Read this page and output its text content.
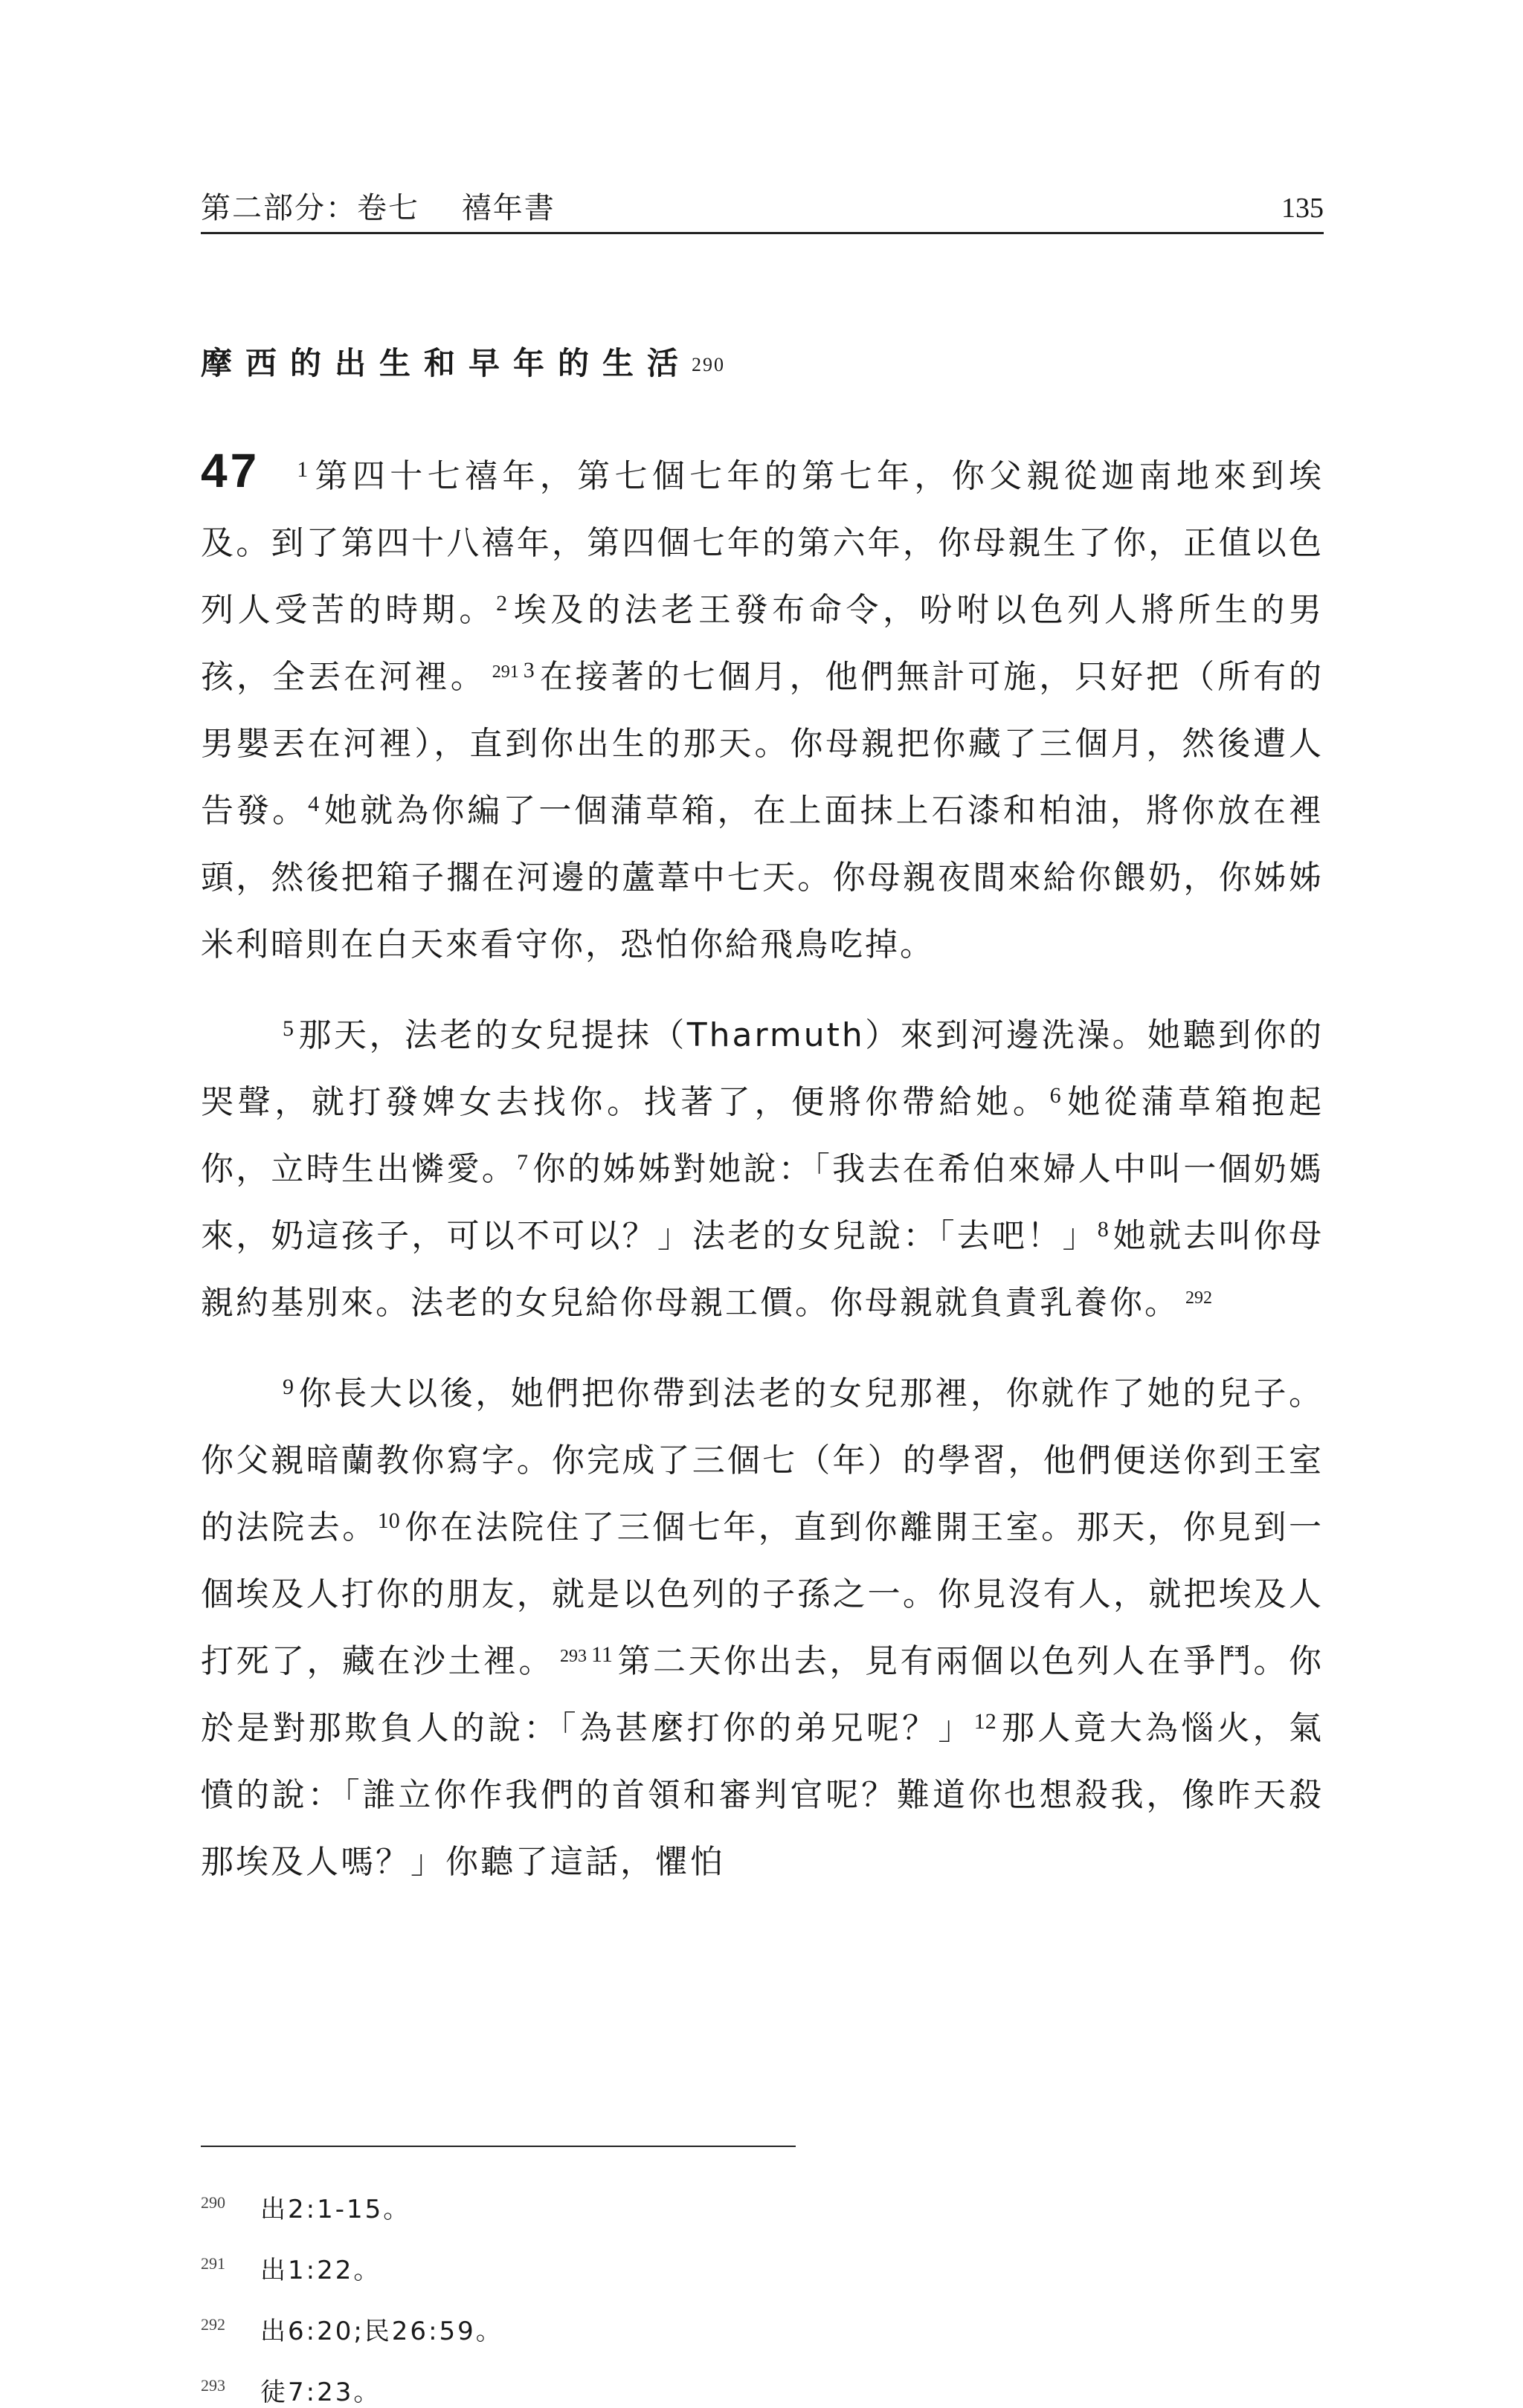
第二部分：卷七　 禧年書	135
摩西的出生和早年的生活$^{290}$

47 $^1$ 第四十七禧年，第七個七年的第七年，你父親從迦南地來到埃及。到了第四十八禧年，第四個七年的第六年，你母親生了你，正值以色列人受苦的時期。$^2$ 埃及的法老王發布命令，吩咐以色列人將所生的男孩，全丟在河裡。 $^{291}$ $^3$ 在接著的七個月，他們無計可施，只好把（所有的男嬰丟在河裡），直到你出生的那天。你母親把你藏了三個月，然後遭人告發。$^4$ 她就為你編了一個蒲草箱，在上面抹上石漆和柏油，將你放在裡頭，然後把箱子擱在河邊的蘆葦中七天。你母親夜間來給你餵奶，你姊姊米利暗則在白天來看守你，恐怕你給飛鳥吃掉。

$^5$ 那天，法老的女兒提抹（Tharmuth）來到河邊洗澡。她聽到你的哭聲，就打發婢女去找你。找著了，便將你帶給她。$^6$ 她從蒲草箱抱起你，立時生出憐愛。$^7$ 你的姊姊對她說：「我去在希伯來婦人中叫一個奶媽來，奶這孩子，可以不可以？」法老的女兒說：「去吧！」$^8$ 她就去叫你母親約基別來。法老的女兒給你母親工價。你母親就負責乳養你。 $^{292}$

$^9$ 你長大以後，她們把你帶到法老的女兒那裡，你就作了她的兒子。你父親暗蘭教你寫字。你完成了三個七（年）的學習，他們便送你到王室的法院去。$^{10}$ 你在法院住了三個七年，直到你離開王室。那天，你見到一個埃及人打你的朋友，就是以色列的子孫之一。你見沒有人，就把埃及人打死了，藏在沙土裡。 $^{293}$ $^{11}$ 第二天你出去，見有兩個以色列人在爭鬥。你於是對那欺負人的說：「為甚麼打你的弟兄呢？」$^{12}$ 那人竟大為惱火，氣憤的說：「誰立你作我們的首領和審判官呢？難道你也想殺我，像昨天殺那埃及人嗎？」你聽了這話，懼怕

290 出2:1-15。
291 出1:22。
292 出6:20;民26:59。
293 徒7:23。
